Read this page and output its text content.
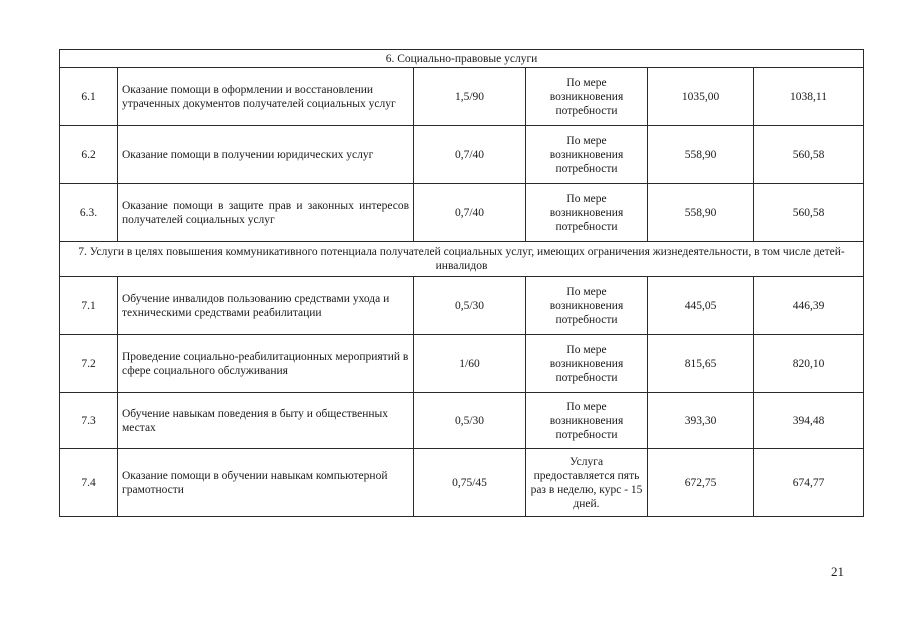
6. Социально-правовые услуги					
6.1	Оказание помощи в оформлении и восстановлении утраченных документов получателей социальных услуг	1,5/90	По мере возникновения потребности	1035,00	1038,11
6.2	Оказание помощи в получении юридических услуг	0,7/40	По мере возникновения потребности	558,90	560,58
6.3.	Оказание помощи в защите прав и законных интересов получателей социальных услуг	0,7/40	По мере возникновения потребности	558,90	560,58
7. Услуги в целях повышения коммуникативного потенциала получателей социальных услуг, имеющих ограничения жизнедеятельности, в том числе детей-инвалидов					
7.1	Обучение инвалидов пользованию средствами ухода и техническими средствами реабилитации	0,5/30	По мере возникновения потребности	445,05	446,39
7.2	Проведение социально-реабилитационных мероприятий в сфере социального обслуживания	1/60	По мере возникновения потребности	815,65	820,10
7.3	Обучение навыкам поведения в быту и общественных местах	0,5/30	По мере возникновения потребности	393,30	394,48
7.4	Оказание помощи в обучении навыкам компьютерной грамотности	0,75/45	Услуга предоставляется пять раз в неделю, курс - 15 дней.	672,75	674,77
21
